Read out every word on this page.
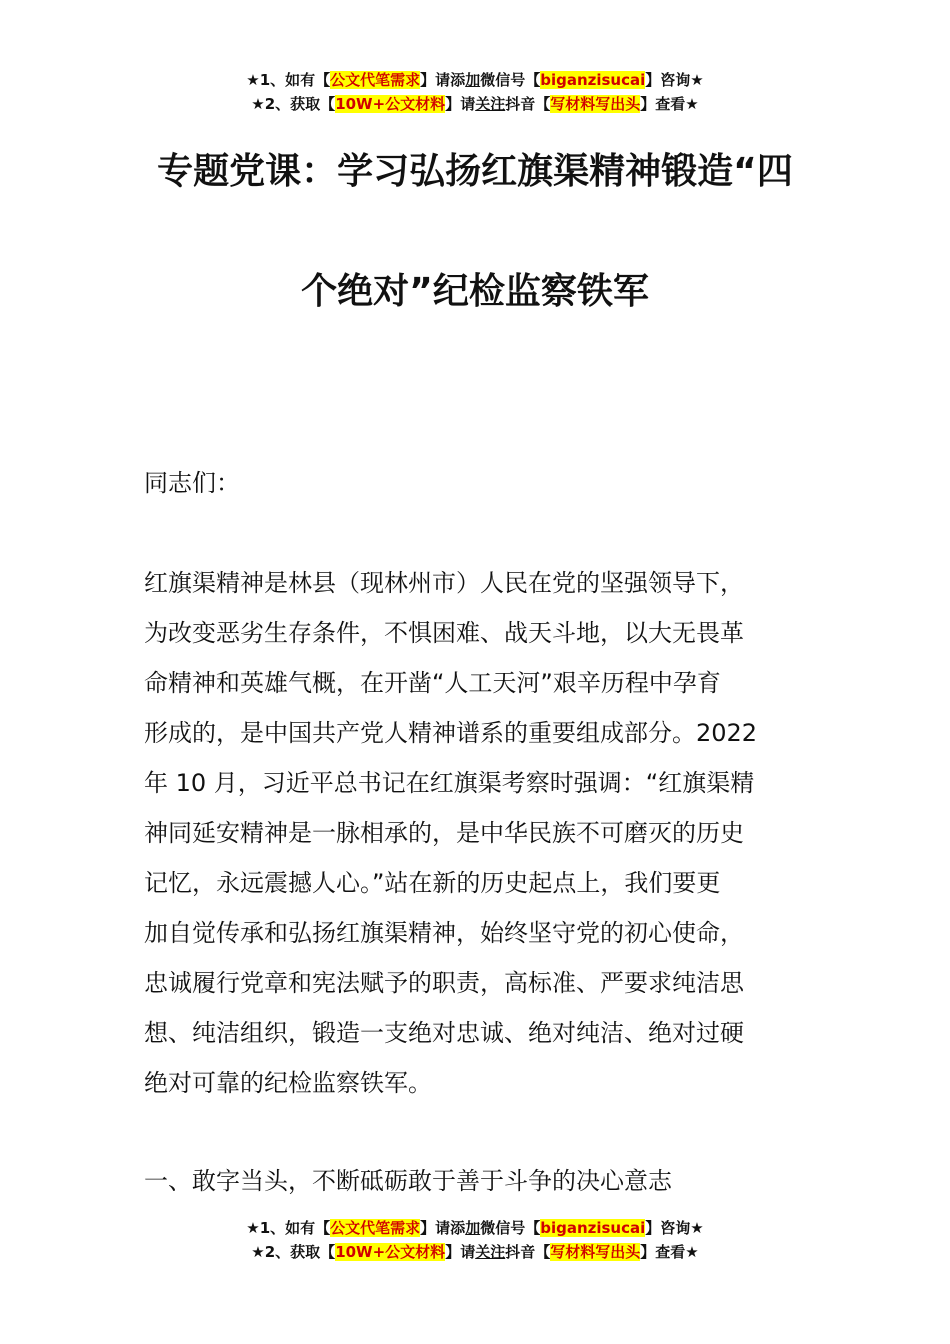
★1、如有【公文代笔需求】请添加微信号【biganzisucai】咨询★
★2、获取【10W+公文材料】请关注抖音【写材料写出头】查看★
专题党课：学习弘扬红旗渠精神锻造“四
个绝对”纪检监察铁军
同志们：
红旗渠精神是林县（现林州市）人民在党的坚强领导下，
为改变恶劣生存条件，不惧困难、战天斗地，以大无畏革
命精神和英雄气概，在开凿“人工天河”艰辛历程中孕育
形成的，是中国共产党人精神谱系的重要组成部分。2022
年 10 月，习近平总书记在红旗渠考察时强调：“红旗渠精
神同延安精神是一脉相承的，是中华民族不可磨灭的历史
记忆，永远震撼人心。”站在新的历史起点上，我们要更
加自觉传承和弘扬红旗渠精神，始终坚守党的初心使命，
忠诚履行党章和宪法赋予的职责，高标准、严要求纯洁思
想、纯洁组织，锻造一支绝对忠诚、绝对纯洁、绝对过硬
绝对可靠的纪检监察铁军。
一、敢字当头，不断砥砺敢于善于斗争的决心意志
★1、如有【公文代笔需求】请添加微信号【biganzisucai】咨询★
★2、获取【10W+公文材料】请关注抖音【写材料写出头】查看★
